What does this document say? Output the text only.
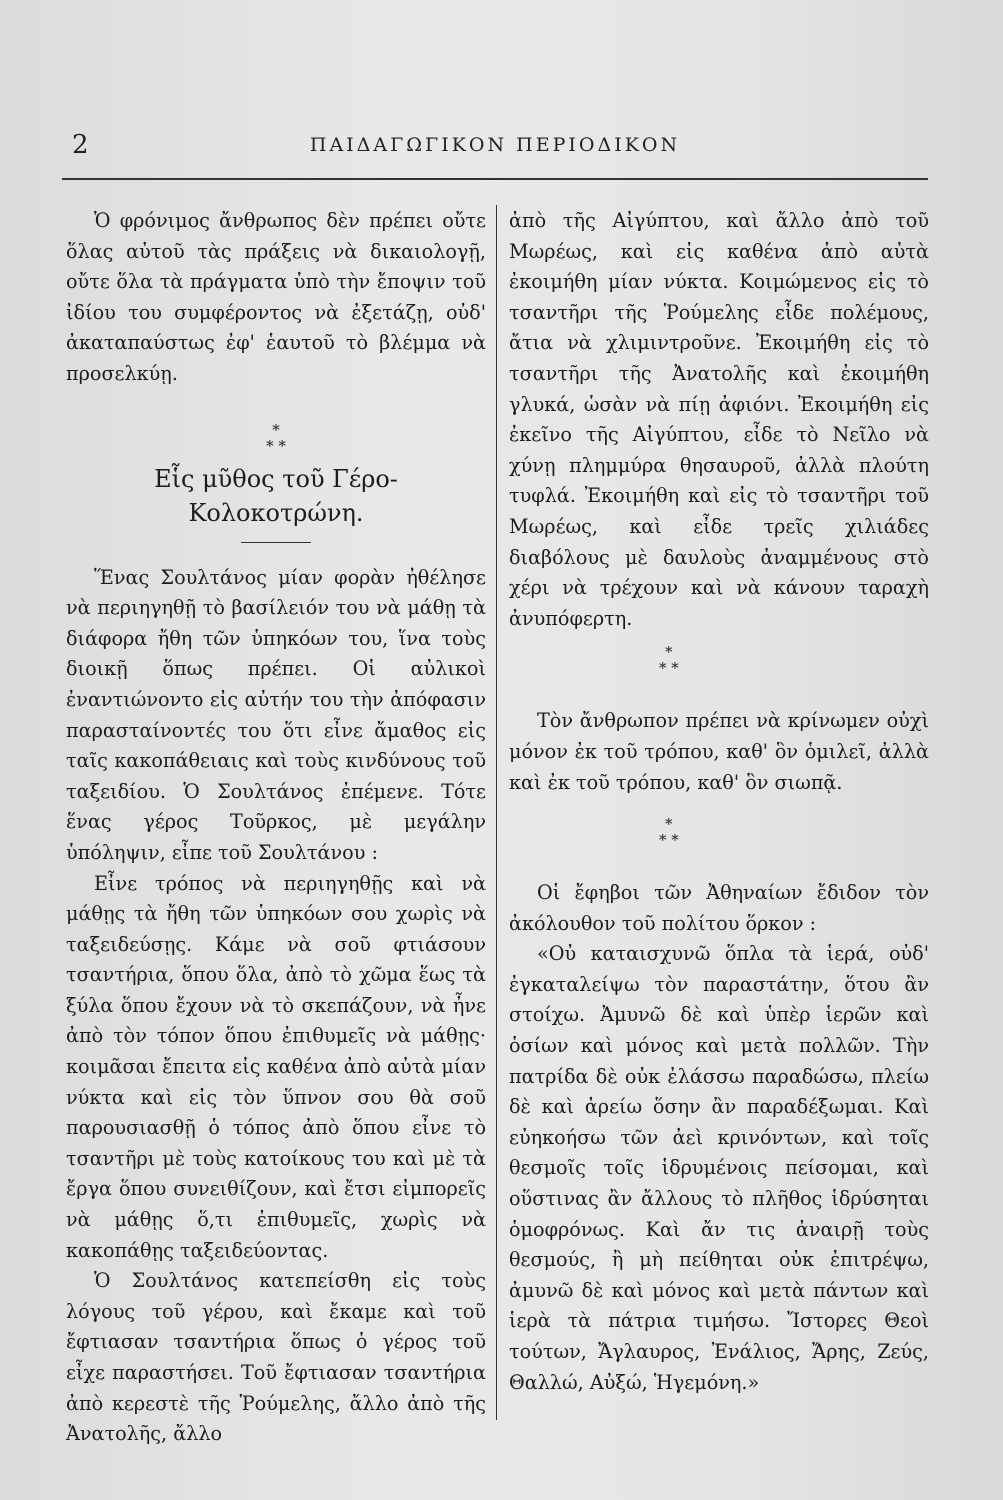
2	ΠΑΙΔΑΓΩΓΙΚΟΝ ΠΕΡΙΟΔΙΚΟΝ

Ὁ φρόνιμος ἄνθρωπος δὲν πρέπει οὔτε ὅλας αὐτοῦ τὰς πράξεις νὰ δικαιολογῇ, οὔτε ὅλα τὰ πράγματα ὑπὸ τὴν ἔποψιν τοῦ ἰδίου του συμφέροντος νὰ ἐξετάζῃ, οὐδ' ἀκαταπαύστως ἐφ' ἑαυτοῦ τὸ βλέμμα νὰ προσελκύῃ.

*
* *
Εἷς μῦθος τοῦ Γέρο-
Κολοκοτρώνη.

Ἕνας Σουλτάνος μίαν φορὰν ἠθέλησε νὰ περιηγηθῇ τὸ βασίλειόν του νὰ μάθῃ τὰ διάφορα ἤθη τῶν ὑπηκόων του, ἵνα τοὺς διοικῇ ὅπως πρέπει. Οἱ αὐλικοὶ ἐναντιώνοντο εἰς αὐτήν του τὴν ἀπόφασιν παρασταίνοντές του ὅτι εἶνε ἄμαθος εἰς ταῖς κακοπάθειαις καὶ τοὺς κινδύνους τοῦ ταξειδίου. Ὁ Σουλτάνος ἐπέμενε. Τότε ἕνας γέρος Τοῦρκος, μὲ μεγάλην ὑπόληψιν, εἶπε τοῦ Σουλτάνου :

Εἶνε τρόπος νὰ περιηγηθῇς καὶ νὰ μάθῃς τὰ ἤθη τῶν ὑπηκόων σου χωρὶς νὰ ταξειδεύσῃς. Κάμε νὰ σοῦ φτιάσουν τσαντήρια, ὅπου ὅλα, ἀπὸ τὸ χῶμα ἕως τὰ ξύλα ὅπου ἔχουν νὰ τὸ σκεπάζουν, νὰ ἦνε ἀπὸ τὸν τόπον ὅπου ἐπιθυμεῖς νὰ μάθῃς· κοιμᾶσαι ἔπειτα εἰς καθένα ἀπὸ αὐτὰ μίαν νύκτα καὶ εἰς τὸν ὕπνον σου θὰ σοῦ παρουσιασθῇ ὁ τόπος ἀπὸ ὅπου εἶνε τὸ τσαντῆρι μὲ τοὺς κατοίκους του καὶ μὲ τὰ ἔργα ὅπου συνειθίζουν, καὶ ἔτσι εἰμπορεῖς νὰ μάθῃς ὅ,τι ἐπιθυμεῖς, χωρὶς νὰ κακοπάθῃς ταξειδεύοντας.

Ὁ Σουλτάνος κατεπείσθη εἰς τοὺς λόγους τοῦ γέρου, καὶ ἔκαμε καὶ τοῦ ἔφτιασαν τσαντήρια ὅπως ὁ γέρος τοῦ εἶχε παραστήσει. Τοῦ ἔφτιασαν τσαντήρια ἀπὸ κερεστὲ τῆς Ῥούμελης, ἄλλο ἀπὸ τῆς Ἀνατολῆς, ἄλλο

ἀπὸ τῆς Αἰγύπτου, καὶ ἄλλο ἀπὸ τοῦ Μωρέως, καὶ εἰς καθένα ἀπὸ αὐτὰ ἐκοιμήθη μίαν νύκτα. Κοιμώμενος εἰς τὸ τσαντῆρι τῆς Ῥούμελης εἶδε πολέμους, ἄτια νὰ χλιμιντροῦνε. Ἐκοιμήθη εἰς τὸ τσαντῆρι τῆς Ἀνατολῆς καὶ ἐκοιμήθη γλυκά, ὡσὰν νὰ πίῃ ἀφιόνι. Ἐκοιμήθη εἰς ἐκεῖνο τῆς Αἰγύπτου, εἶδε τὸ Νεῖλο νὰ χύνῃ πλημμύρα θησαυροῦ, ἀλλὰ πλούτη τυφλά. Ἐκοιμήθη καὶ εἰς τὸ τσαντῆρι τοῦ Μωρέως, καὶ εἶδε τρεῖς χιλιάδες διαβόλους μὲ δαυλοὺς ἀναμμένους στὸ χέρι νὰ τρέχουν καὶ νὰ κάνουν ταραχὴ ἀνυπόφερτη.

*
* *

Τὸν ἄνθρωπον πρέπει νὰ κρίνωμεν οὐχὶ μόνον ἐκ τοῦ τρόπου, καθ' ὃν ὁμιλεῖ, ἀλλὰ καὶ ἐκ τοῦ τρόπου, καθ' ὃν σιωπᾷ.

*
* *

Οἱ ἔφηβοι τῶν Ἀθηναίων ἔδιδον τὸν ἀκόλουθον τοῦ πολίτου ὅρκον :

«Οὐ καταισχυνῶ ὅπλα τὰ ἱερά, οὐδ' ἐγκαταλείψω τὸν παραστάτην, ὅτου ἂν στοίχω. Ἀμυνῶ δὲ καὶ ὑπὲρ ἱερῶν καὶ ὁσίων καὶ μόνος καὶ μετὰ πολλῶν. Τὴν πατρίδα δὲ οὐκ ἐλάσσω παραδώσω, πλείω δὲ καὶ ἀρείω ὅσην ἂν παραδέξωμαι. Καὶ εὐηκοήσω τῶν ἀεὶ κρινόντων, καὶ τοῖς θεσμοῖς τοῖς ἱδρυμένοις πείσομαι, καὶ οὕστινας ἂν ἄλλους τὸ πλῆθος ἱδρύσηται ὁμοφρόνως. Καὶ ἄν τις ἀναιρῇ τοὺς θεσμούς, ἢ μὴ πείθηται οὐκ ἐπιτρέψω, ἀμυνῶ δὲ καὶ μόνος καὶ μετὰ πάντων καὶ ἱερὰ τὰ πάτρια τιμήσω. Ἴστορες Θεοὶ τούτων, Ἄγλαυρος, Ἐνάλιος, Ἄρης, Ζεύς, Θαλλώ, Αὐξώ, Ἡγεμόνη.»
